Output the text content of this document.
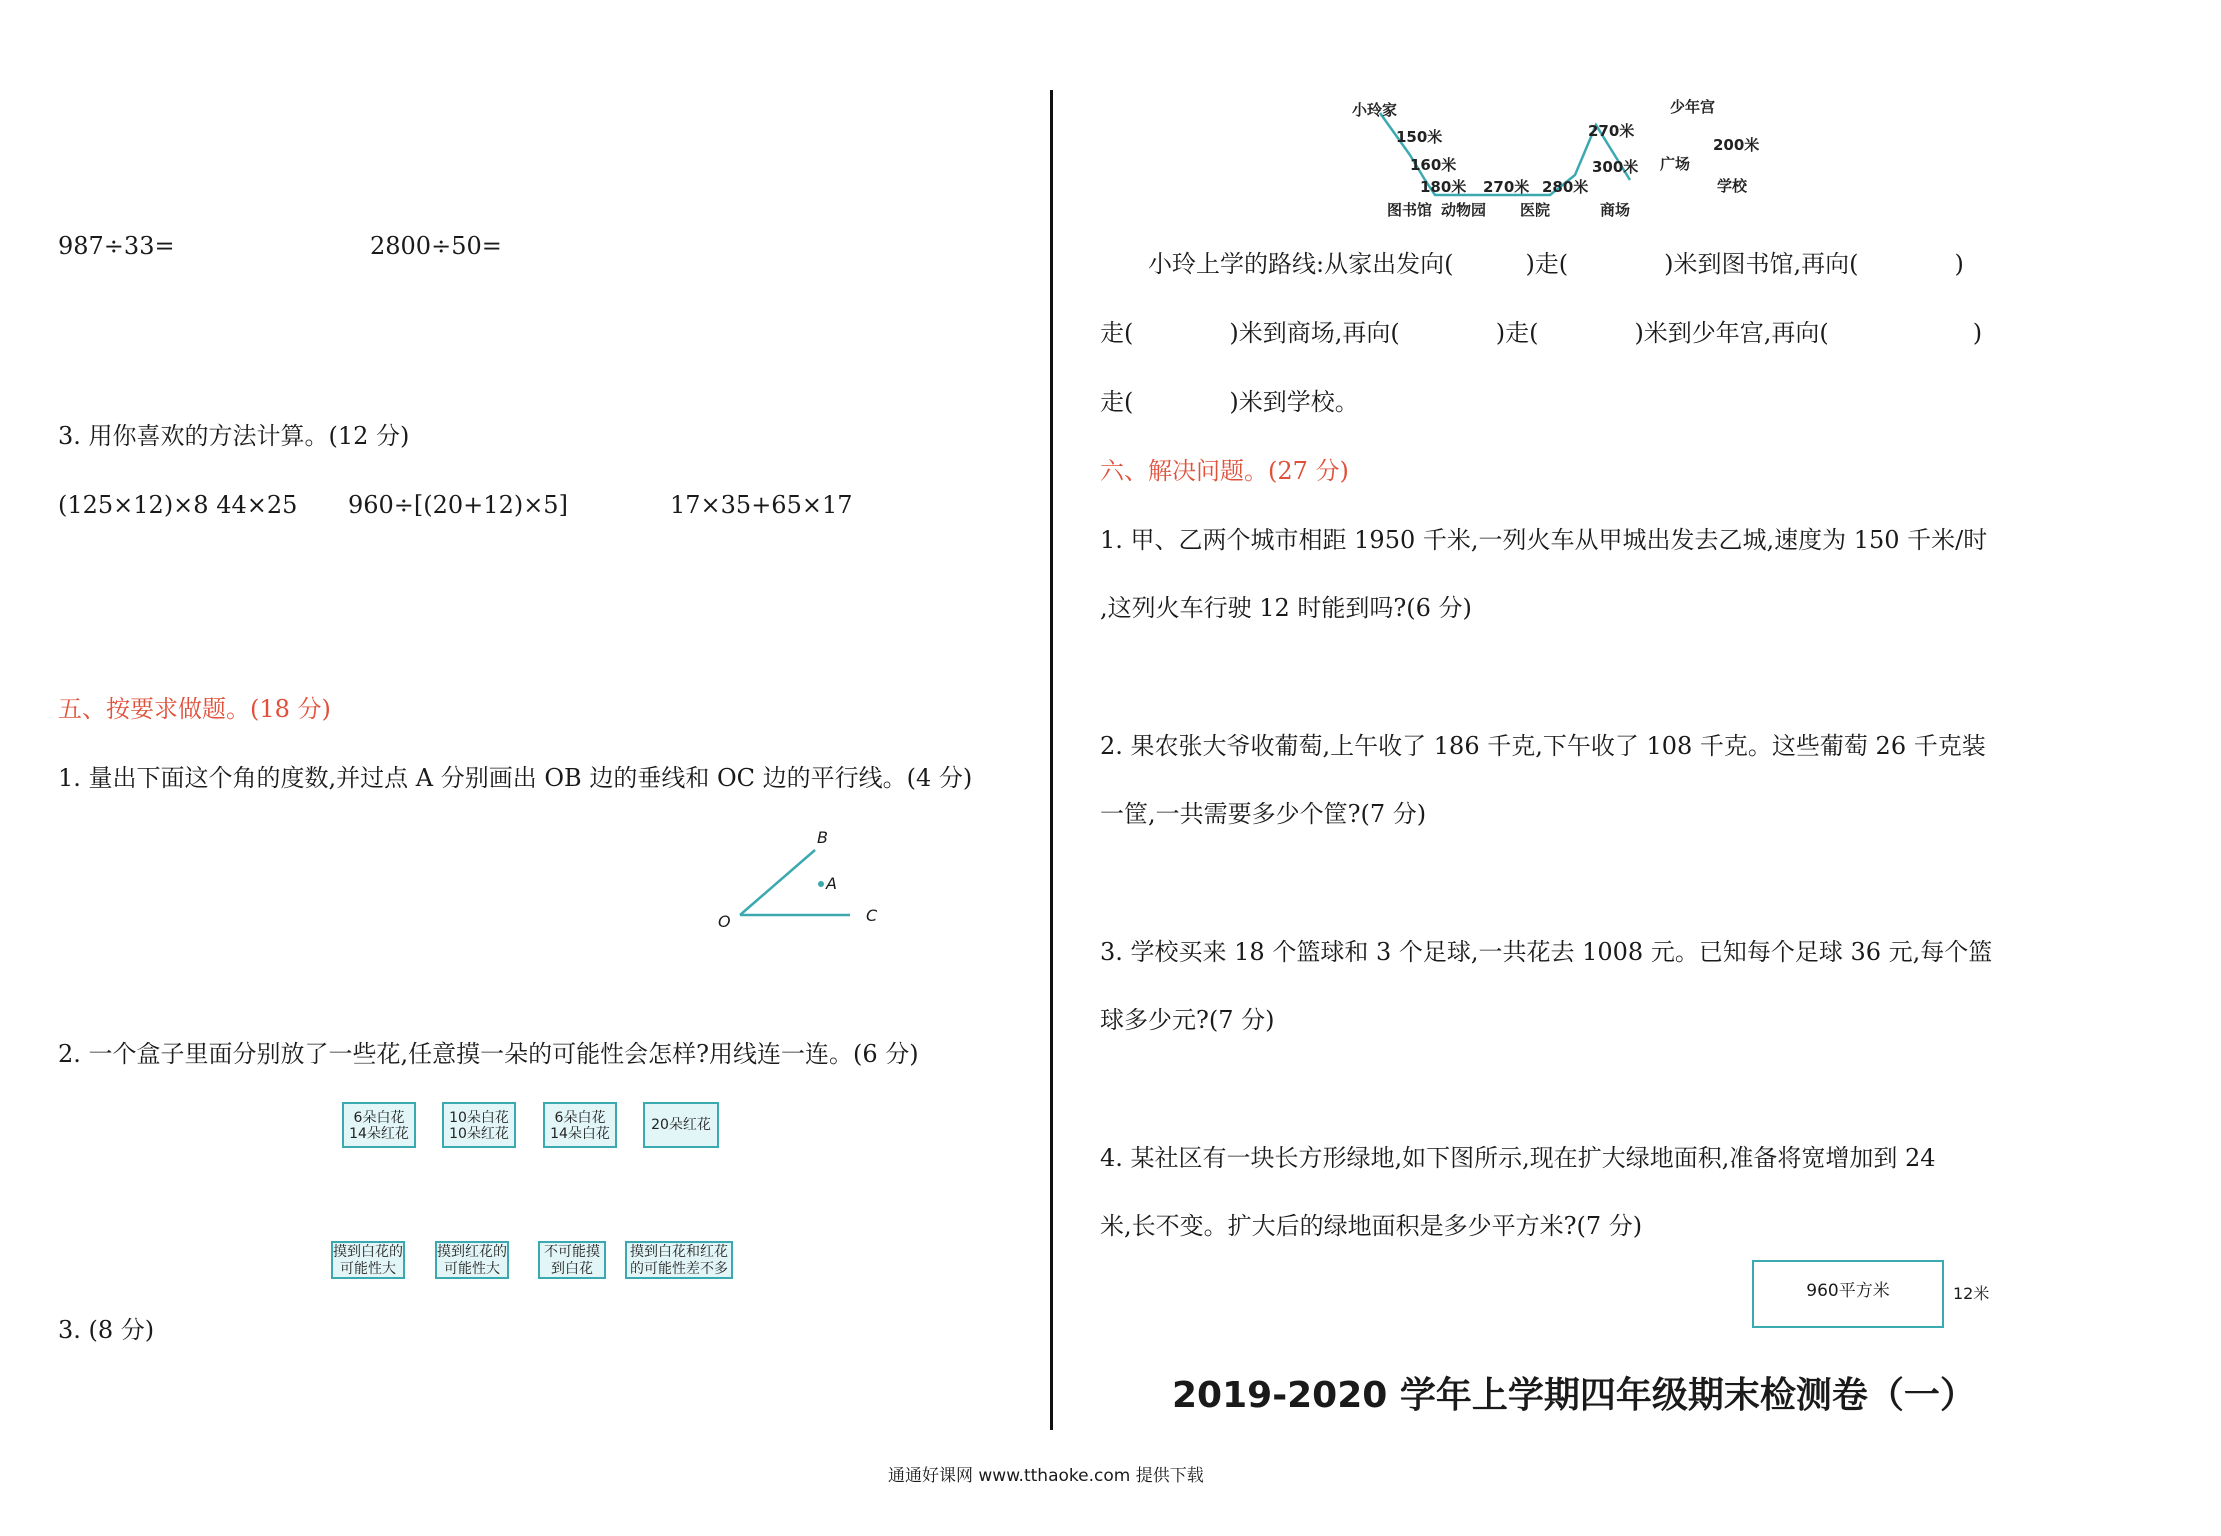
987÷33=	2800÷50=
3. 用你喜欢的方法计算。(12 分)
(125×12)×8 44×25 960÷[(20+12)×5]	17×35+65×17
五、按要求做题。(18 分)
1. 量出下面这个角的度数,并过点 A 分别画出 OB 边的垂线和 OC 边的平行线。(4 分)
B
A
O	C
2. 一个盒子里面分别放了一些花,任意摸一朵的可能性会怎样?用线连一连。(6 分)
6朵白花
14朵红花
10朵白花
10朵红花
6朵白花
14朵白花
20朵红花
摸到白花的
可能性大
摸到红花的
可能性大
不可能摸
到白花
摸到白花和红花
的可能性差不多
3. (8 分)
小玲家
150米
160米
180米 270米 280米
300米
270米
少年宫
200米
广场
学校
图书馆 动物园 医院	商场
小玲上学的路线:从家出发向(　　　)走(　　　　)米到图书馆,再向(　　　　)
走(　　　　)米到商场,再向(　　　　)走(　　　　)米到少年宫,再向(　　　　　　)
走(　　　　)米到学校。
六、解决问题。(27 分)
1. 甲、乙两个城市相距 1950 千米,一列火车从甲城出发去乙城,速度为 150 千米/时
,这列火车行驶 12 时能到吗?(6 分)
2. 果农张大爷收葡萄,上午收了 186 千克,下午收了 108 千克。这些葡萄 26 千克装
一筐,一共需要多少个筐?(7 分)
3. 学校买来 18 个篮球和 3 个足球,一共花去 1008 元。已知每个足球 36 元,每个篮
球多少元?(7 分)
4. 某社区有一块长方形绿地,如下图所示,现在扩大绿地面积,准备将宽增加到 24
米,长不变。扩大后的绿地面积是多少平方米?(7 分)
960平方米	12米
2019-2020 学年上学期四年级期末检测卷（一）
通通好课网 www.tthaoke.com 提供下载
